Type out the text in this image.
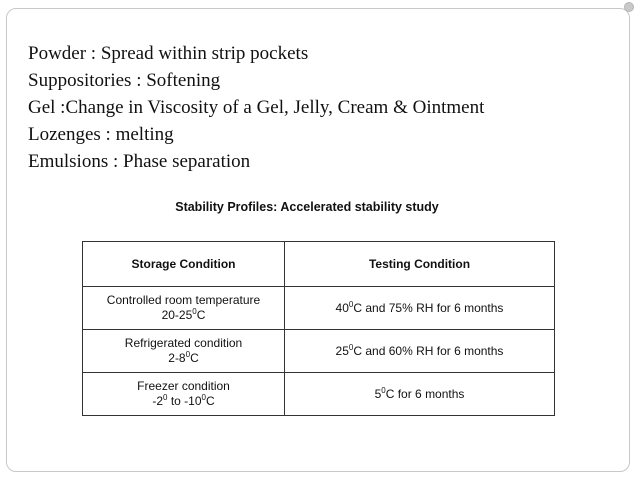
Powder : Spread within strip pockets
Suppositories : Softening
Gel :Change in Viscosity of a Gel, Jelly, Cream & Ointment
Lozenges : melting
Emulsions : Phase separation
Stability Profiles: Accelerated stability study
Storage Condition	Testing Condition

Controlled room temperature
$20-25^0C$	$40^0C$ and 75% RH for 6 months

Refrigerated condition
$2-8^0C$	$25^0C$ and 60% RH for 6 months

Freezer condition
$-2^0$ to $-10^0C$	$5^0C$ for 6 months
